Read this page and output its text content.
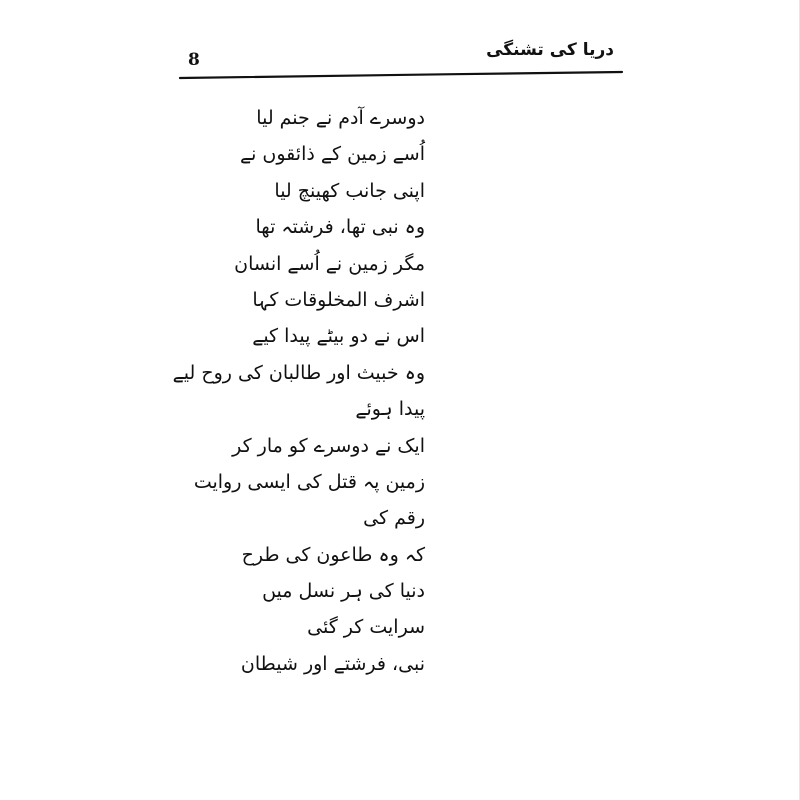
8	دریا کی تشنگی
دوسرے آدم نے جنم لیا
اُسے زمین کے ذائقوں نے
اپنی جانب کھینچ لیا
وہ نبی تھا، فرشتہ تھا
مگر زمین نے اُسے انسان
اشرف المخلوقات کہا
اس نے دو بیٹے پیدا کیے
وہ خبیث اور طالبان کی روح لیے
پیدا ہوئے
ایک نے دوسرے کو مار کر
زمین پہ قتل کی ایسی روایت
رقم کی
کہ وہ طاعون کی طرح
دنیا کی ہر نسل میں
سرایت کر گئی
نبی، فرشتے اور شیطان
